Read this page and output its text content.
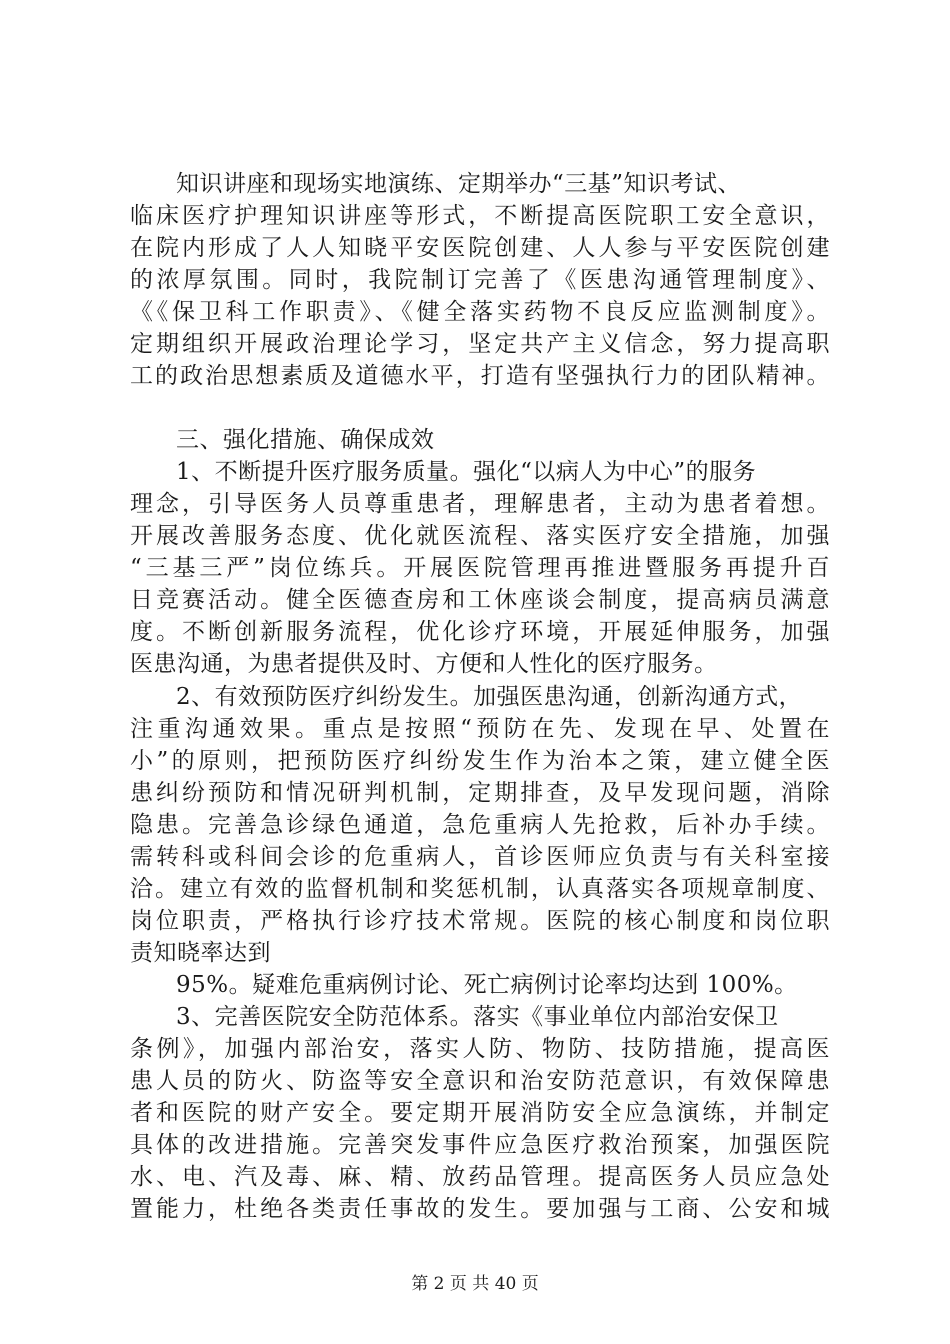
知识讲座和现场实地演练、定期举办“三基”知识考试、
临床医疗护理知识讲座等形式，不断提高医院职工安全意识，
在院内形成了人人知晓平安医院创建、人人参与平安医院创建
的浓厚氛围。同时，我院制订完善了《医患沟通管理制度》、
《《保卫科工作职责》、《健全落实药物不良反应监测制度》。
定期组织开展政治理论学习，坚定共产主义信念，努力提高职
工的政治思想素质及道德水平，打造有坚强执行力的团队精神。
三、强化措施、确保成效
1、不断提升医疗服务质量。强化“以病人为中心”的服务
理念，引导医务人员尊重患者，理解患者，主动为患者着想。
开展改善服务态度、优化就医流程、落实医疗安全措施，加强
“三基三严”岗位练兵。开展医院管理再推进暨服务再提升百
日竞赛活动。健全医德查房和工休座谈会制度，提高病员满意
度。不断创新服务流程，优化诊疗环境，开展延伸服务，加强
医患沟通，为患者提供及时、方便和人性化的医疗服务。
2、有效预防医疗纠纷发生。加强医患沟通，创新沟通方式，
注重沟通效果。重点是按照“预防在先、发现在早、处置在
小”的原则，把预防医疗纠纷发生作为治本之策，建立健全医
患纠纷预防和情况研判机制，定期排查，及早发现问题，消除
隐患。完善急诊绿色通道，急危重病人先抢救，后补办手续。
需转科或科间会诊的危重病人，首诊医师应负责与有关科室接
洽。建立有效的监督机制和奖惩机制，认真落实各项规章制度、
岗位职责，严格执行诊疗技术常规。医院的核心制度和岗位职
责知晓率达到
95%。疑难危重病例讨论、死亡病例讨论率均达到 100%。
3、完善医院安全防范体系。落实《事业单位内部治安保卫
条例》，加强内部治安，落实人防、物防、技防措施，提高医
患人员的防火、防盗等安全意识和治安防范意识，有效保障患
者和医院的财产安全。要定期开展消防安全应急演练，并制定
具体的改进措施。完善突发事件应急医疗救治预案，加强医院
水、电、汽及毒、麻、精、放药品管理。提高医务人员应急处
置能力，杜绝各类责任事故的发生。要加强与工商、公安和城
第 2 页 共 40 页
